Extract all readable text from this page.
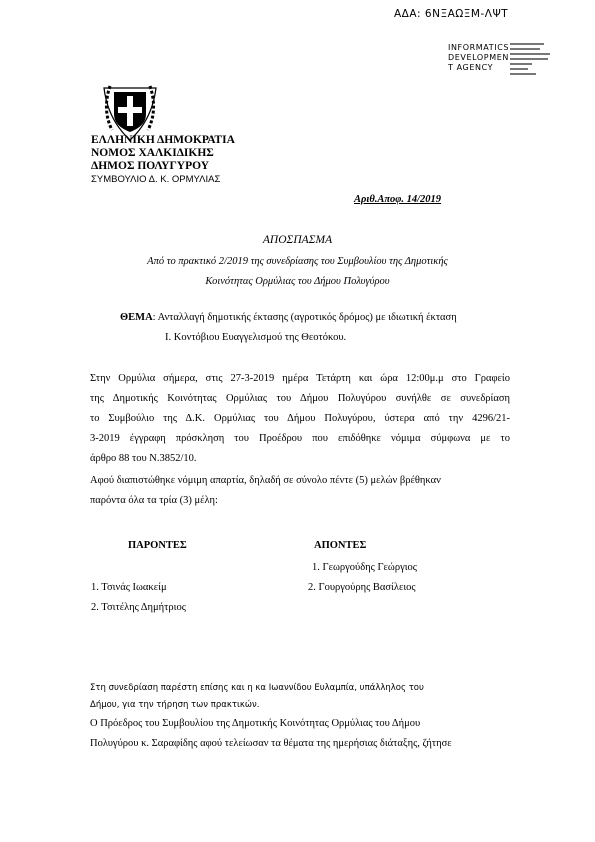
ΑΔΑ: 6ΝΞΑΩΞΜ-ΛΨΤ
INFORMATICS
DEVELOPMEN
T AGENCY
ΕΛΛΗΝΙΚΗ ΔΗΜΟΚΡΑΤΙΑ
ΝΟΜΟΣ ΧΑΛΚΙΔΙΚΗΣ
ΔΗΜΟΣ ΠΟΛΥΓΥΡΟΥ
ΣΥΜΒΟΥΛΙΟ Δ. Κ. ΟΡΜΥΛΙΑΣ
Αριθ.Αποφ. 14/2019
ΑΠΟΣΠΑΣΜΑ
Από το πρακτικό 2/2019 της συνεδρίασης του Συμβουλίου της Δημοτικής
Κοινότητας Ορμύλιας του Δήμου Πολυγύρου
ΘΕΜΑ: Ανταλλαγή δημοτικής έκτασης (αγροτικός δρόμος) με ιδιωτική έκταση
Ι. Κοντόβιου Ευαγγελισμού της Θεοτόκου.
Στην Ορμύλια σήμερα, στις 27-3-2019 ημέρα Τετάρτη και ώρα 12:00μ.μ στο Γραφείο
της Δημοτικής Κοινότητας Ορμύλιας του Δήμου Πολυγύρου συνήλθε σε συνεδρίαση
το Συμβούλιο της Δ.Κ. Ορμύλιας του Δήμου Πολυγύρου, ύστερα από την 4296/21-
3-2019 έγγραφη πρόσκληση του Προέδρου που επιδόθηκε νόμιμα σύμφωνα με το
άρθρο 88 του Ν.3852/10.
Αφού διαπιστώθηκε νόμιμη απαρτία, δηλαδή σε σύνολο πέντε (5) μελών βρέθηκαν
παρόντα όλα τα τρία (3) μέλη:
ΠΑΡΟΝΤΕΣ	ΑΠΟΝΤΕΣ
1. Γεωργούδης Γεώργιος
1. Τσινάς Ιωακείμ	2. Γουργούρης Βασίλειος
2. Τσιτέλης Δημήτριος
Στη συνεδρίαση παρέστη επίσης και η κα Ιωαννίδου Ευλαμπία, υπάλληλος του
Δήμου, για την τήρηση των πρακτικών.
Ο Πρόεδρος του Συμβουλίου της Δημοτικής Κοινότητας Ορμύλιας του Δήμου
Πολυγύρου κ. Σαραφίδης αφού τελείωσαν τα θέματα της ημερήσιας διάταξης, ζήτησε
